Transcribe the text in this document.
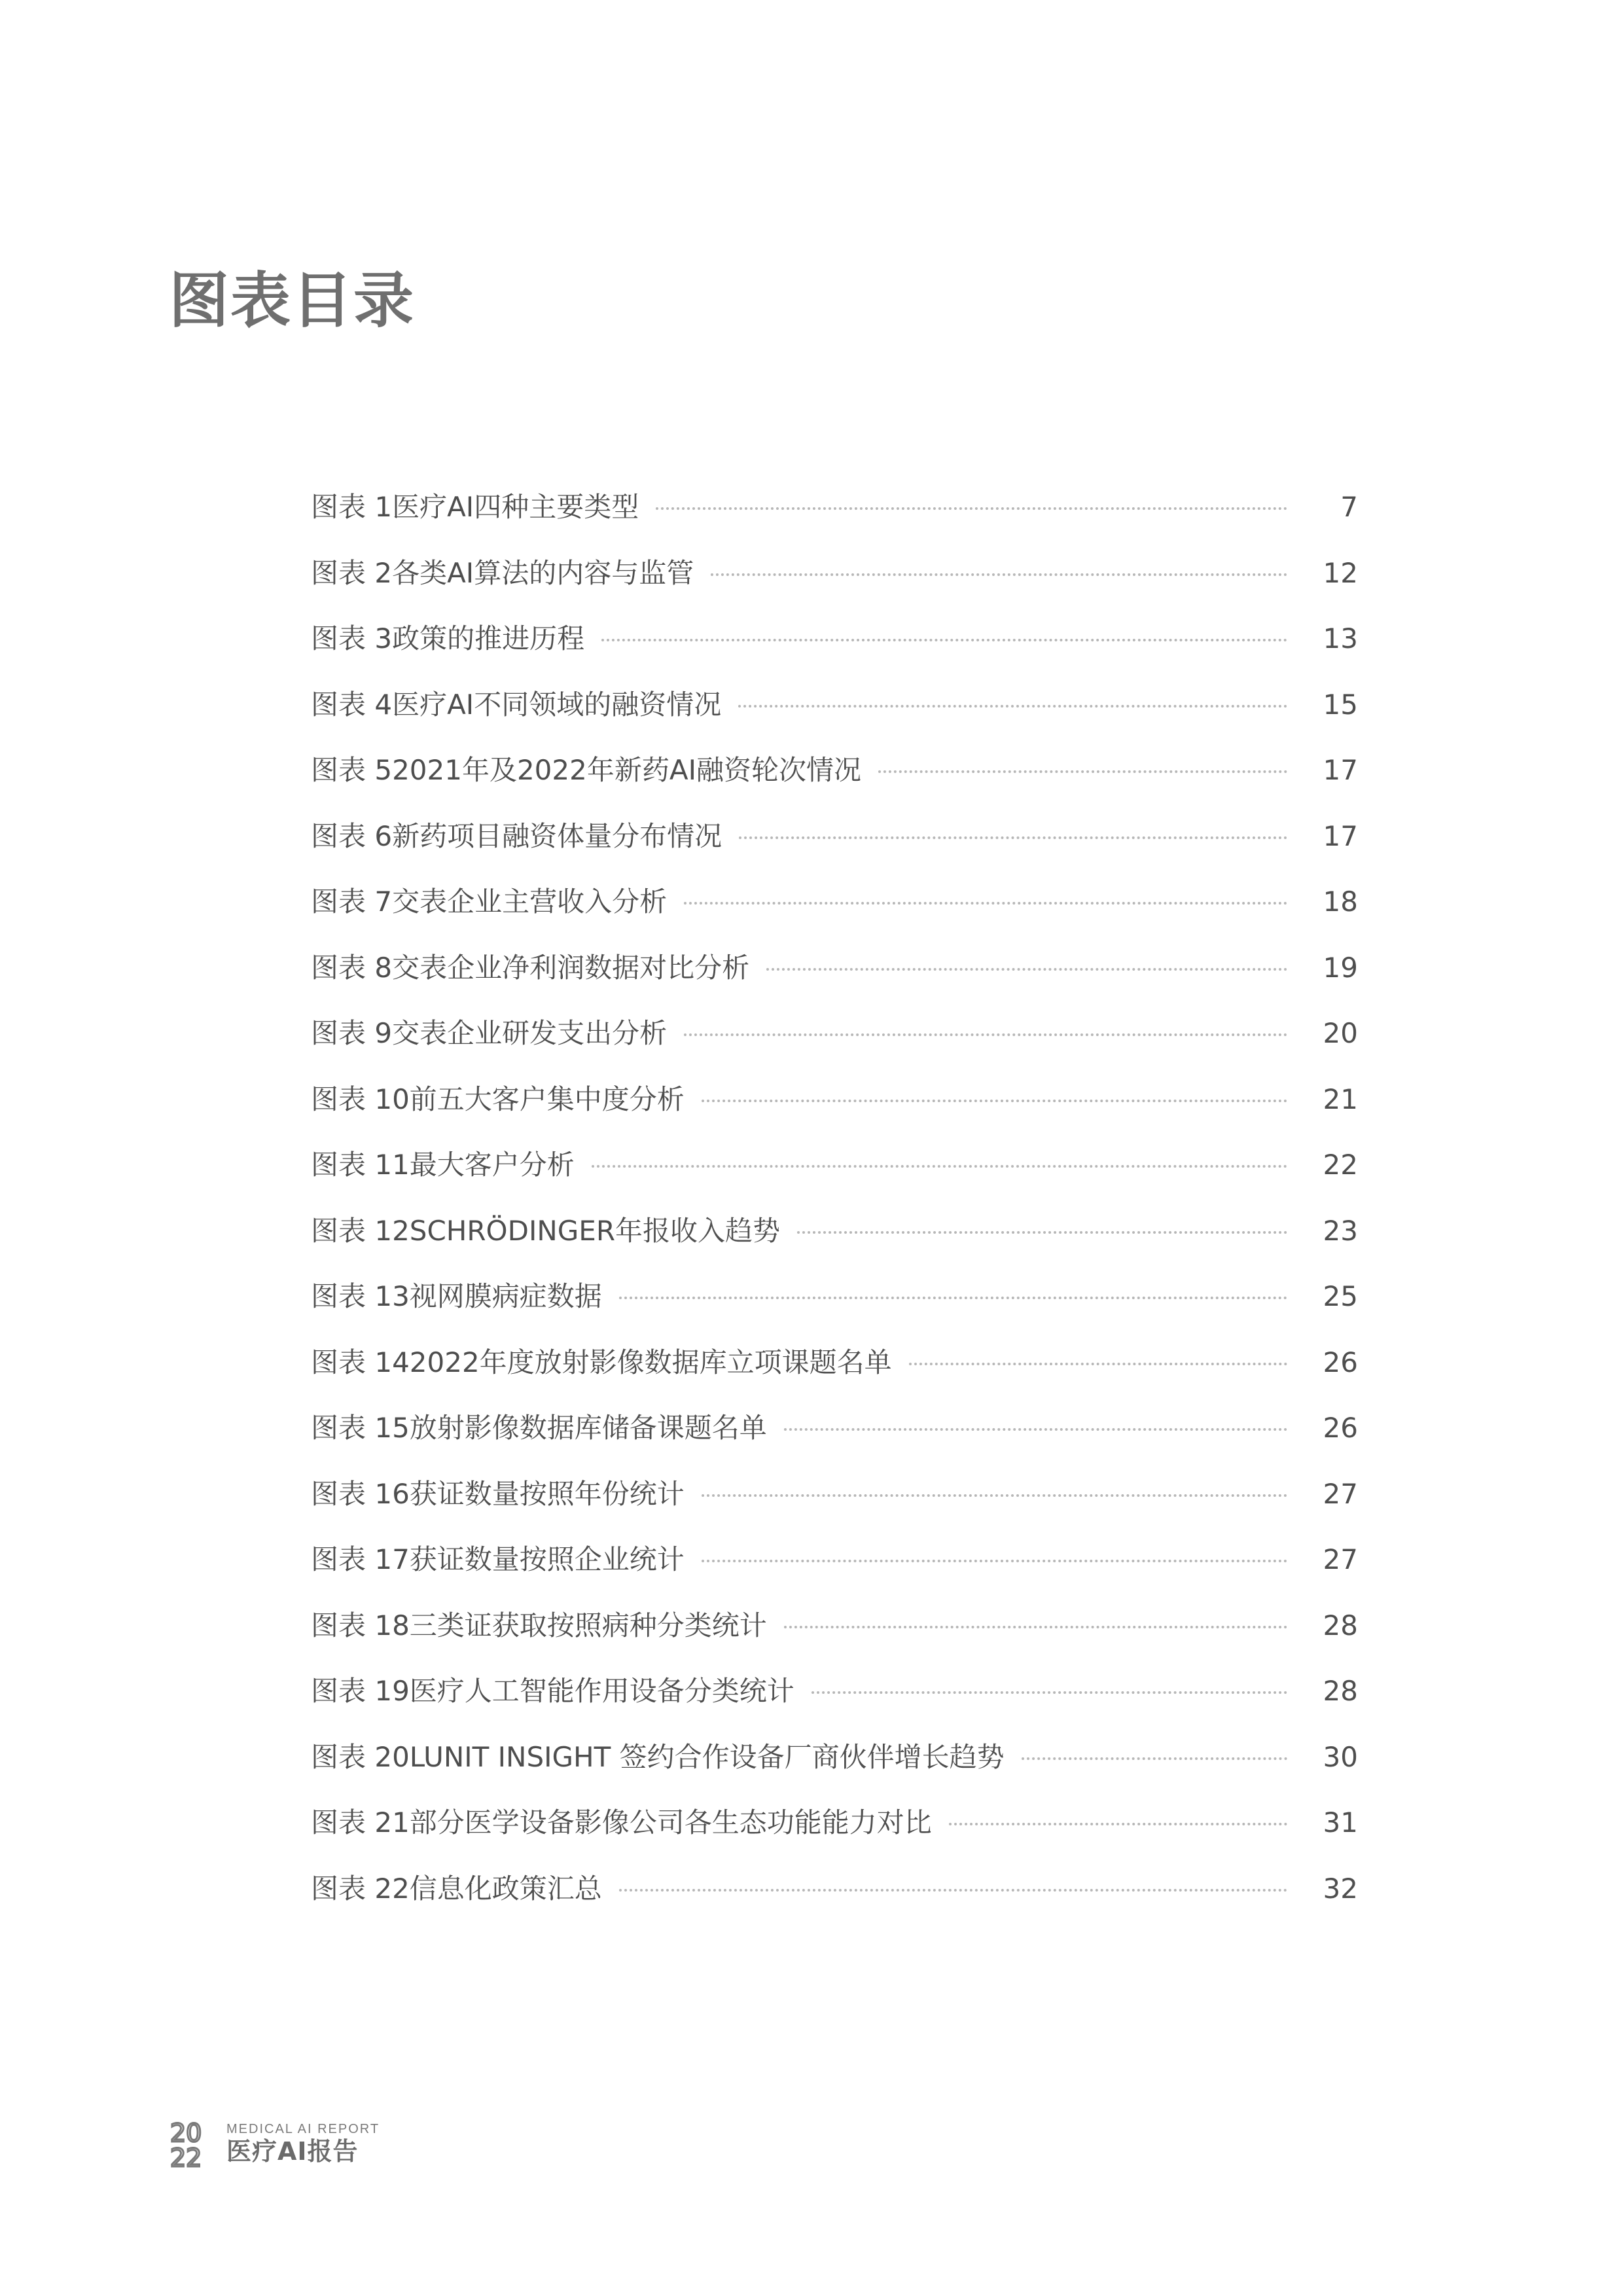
图表目录
图表 1医疗AI四种主要类型	7
图表 2各类AI算法的内容与监管	12
图表 3政策的推进历程	13
图表 4医疗AI不同领域的融资情况	15
图表 52021年及2022年新药AI融资轮次情况	17
图表 6新药项目融资体量分布情况	17
图表 7交表企业主营收入分析	18
图表 8交表企业净利润数据对比分析	19
图表 9交表企业研发支出分析	20
图表 10前五大客户集中度分析	21
图表 11最大客户分析	22
图表 12SCHRÖDINGER年报收入趋势	23
图表 13视网膜病症数据	25
图表 142022年度放射影像数据库立项课题名单	26
图表 15放射影像数据库储备课题名单	26
图表 16获证数量按照年份统计	27
图表 17获证数量按照企业统计	27
图表 18三类证获取按照病种分类统计	28
图表 19医疗人工智能作用设备分类统计	28
图表 20LUNIT INSIGHT 签约合作设备厂商伙伴增长趋势	30
图表 21部分医学设备影像公司各生态功能能力对比	31
图表 22信息化政策汇总	32
20
22
MEDICAL AI REPORT
医疗AI报告
